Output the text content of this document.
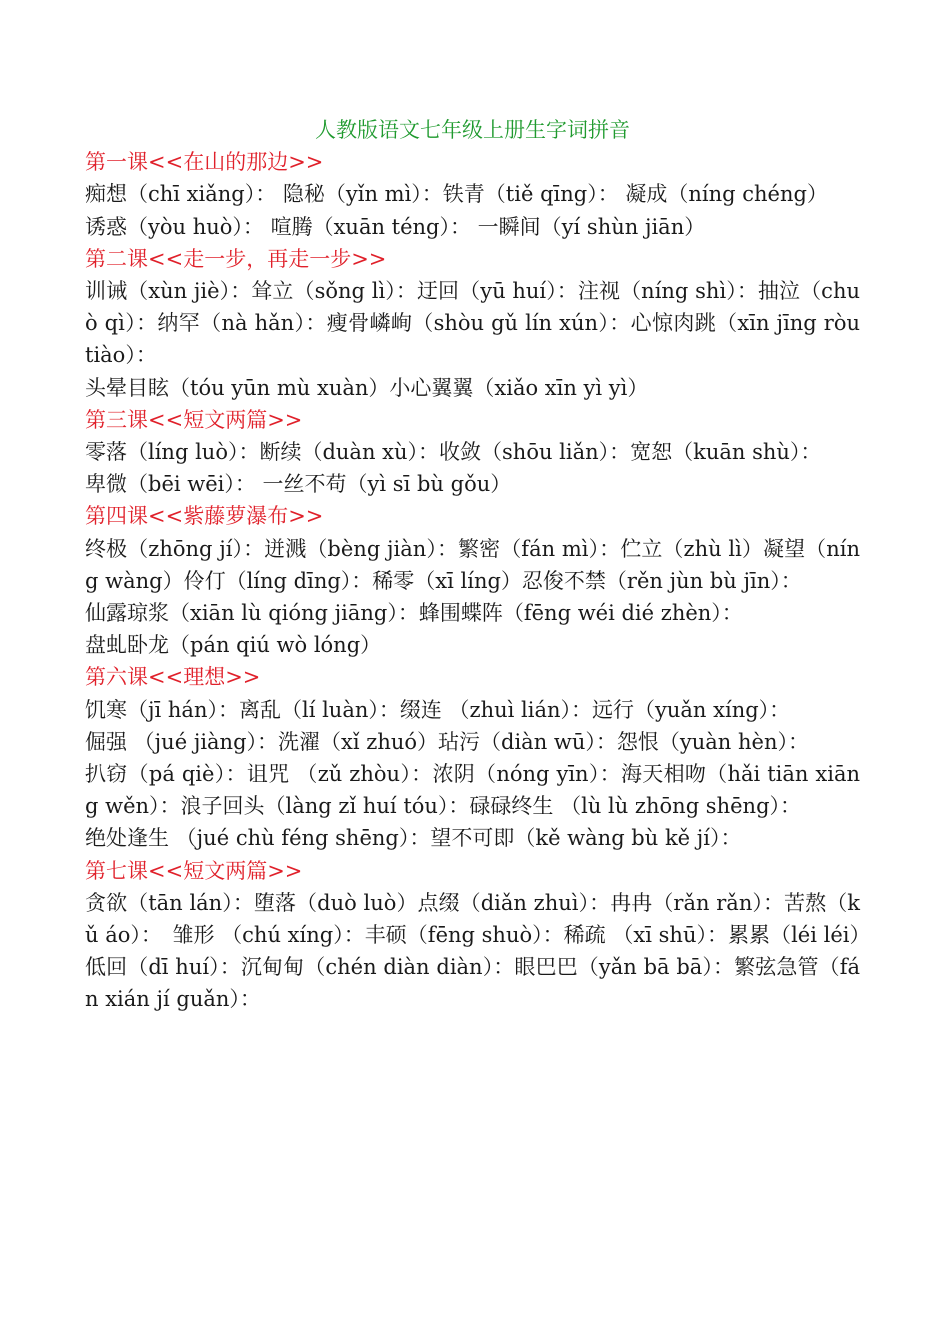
人教版语文七年级上册生字词拼音

第一课<<在山的那边>>

痴想（chī xiǎng）： 隐秘（yǐn mì）：铁青（tiě qīng）： 凝成（níng chéng）

诱惑（yòu huò）： 喧腾（xuān téng）： 一瞬间（yí shùn jiān）

第二课<<走一步，再走一步>>

训诫（xùn jiè）：耸立（sǒng lì）：迂回（yū huí）：注视（níng shì）：抽泣（chuò qì）：纳罕（nà hǎn）：瘦骨嶙峋（shòu gǔ lín xún）：心惊肉跳（xīn jīng ròu tiào）：

头晕目眩（tóu yūn mù xuàn）小心翼翼（xiǎo xīn yì yì）

第三课<<短文两篇>>

零落（líng luò）：断续（duàn xù）：收敛（shōu liǎn）：宽恕（kuān shù）：

卑微（bēi wēi）： 一丝不苟（yì sī bù gǒu）

第四课<<紫藤萝瀑布>>

终极（zhōng jí）：迸溅（bèng jiàn）：繁密（fán mì）：伫立（zhù lì）凝望（níng wàng）伶仃（líng dīng）：稀零（xī líng）忍俊不禁（rěn jùn bù jīn）：

仙露琼浆（xiān lù qióng jiāng）：蜂围蝶阵（fēng wéi dié zhèn）：

盘虬卧龙（pán qiú wò lóng）

第六课<<理想>>

饥寒（jī hán）：离乱（lí luàn）：缀连 （zhuì lián）：远行（yuǎn xíng）：

倔强 （jué jiàng）：洗濯（xǐ zhuó）玷污（diàn wū）：怨恨（yuàn hèn）：

扒窃（pá qiè）：诅咒 （zǔ zhòu）：浓阴（nóng yīn）：海天相吻（hǎi tiān xiāng wěn）：浪子回头（làng zǐ huí tóu）：碌碌终生 （lù lù zhōng shēng）：

绝处逢生 （jué chù féng shēng）：望不可即（kě wàng bù kě jí）：

第七课<<短文两篇>>

贪欲（tān lán）：堕落（duò luò）点缀（diǎn zhuì）：冉冉（rǎn rǎn）：苦熬（kǔ áo）：　雏形 （chú xíng）：丰硕（fēng shuò）：稀疏 （xī shū）：累累（léi léi）低回（dī huí）：沉甸甸（chén diàn diàn）：眼巴巴（yǎn bā bā）：繁弦急管（fán xián jí guǎn）：
